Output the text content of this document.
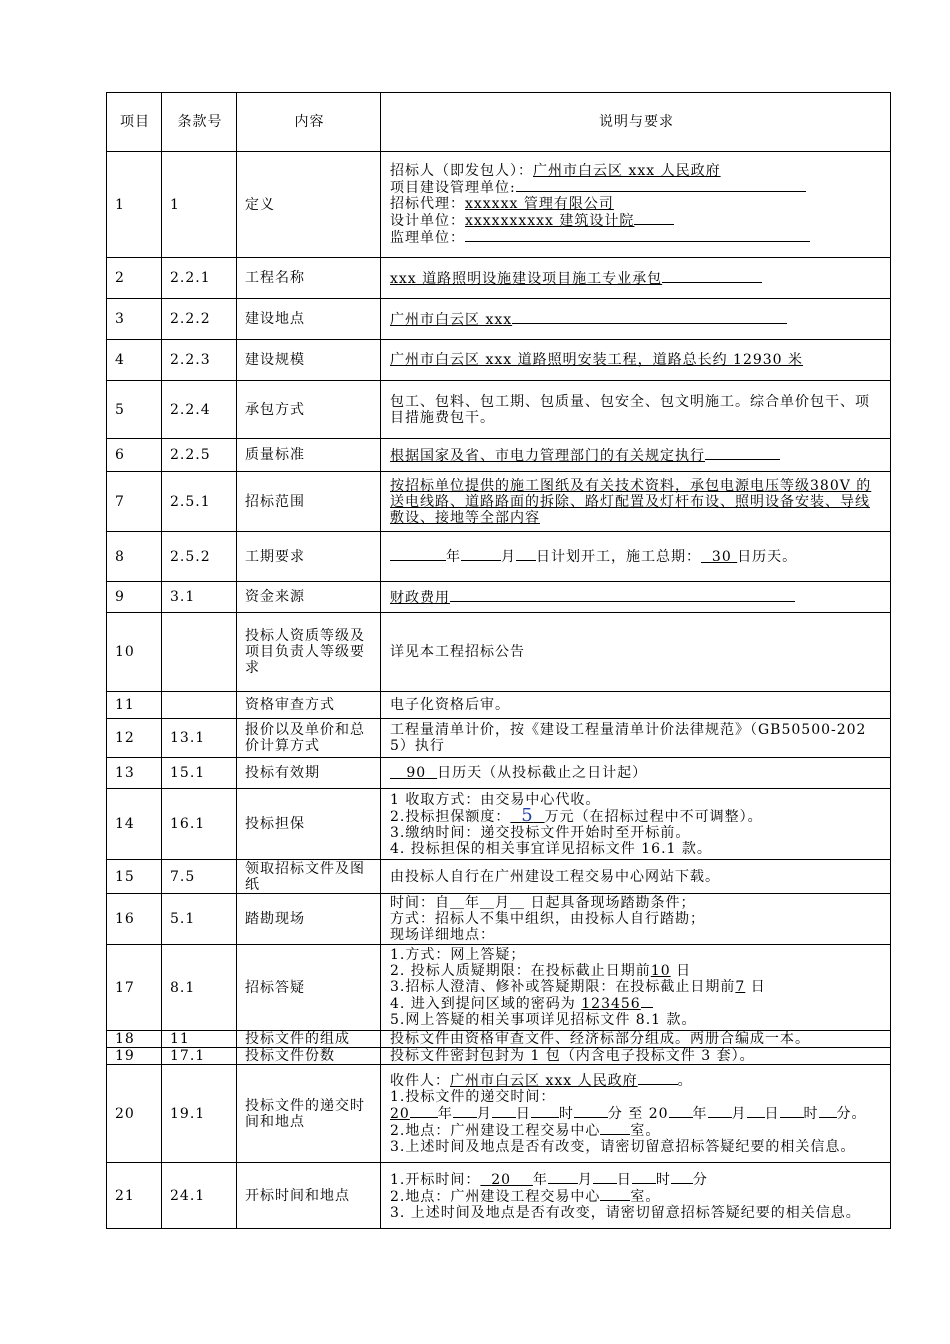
项目	条款号	内容	说明与要求
1	1	定义	招标人（即发包人）：广州市白云区 xxx 人民政府
项目建设管理单位:
招标代理：xxxxxx 管理有限公司
设计单位：xxxxxxxxxx 建筑设计院
监理单位：

2	2.2.1	工程名称	xxx 道路照明设施建设项目施工专业承包
3	2.2.2	建设地点	广州市白云区 xxx
4	2.2.3	建设规模	广州市白云区 xxx 道路照明安装工程，道路总长约 12930 米
5	2.2.4	承包方式	包工、包料、包工期、包质量、包安全、包文明施工。综合单价包干、项目措施费包干。
6	2.2.5	质量标准	根据国家及省、市电力管理部门的有关规定执行
7	2.5.1	招标范围	按招标单位提供的施工图纸及有关技术资料，承包电源电压等级380V 的送电线路、道路路面的拆除、路灯配置及灯杆布设、照明设备安装、导线敷设、接地等全部内容
8	2.5.2	工期要求	年 月 日计划开工，施工总期： 30 日历天。
9	3.1	资金来源	财政费用
10		投标人资质等级及项目负责人等级要求	详见本工程招标公告
11		资格审查方式	电子化资格后审。
12	13.1	报价以及单价和总价计算方式	工程量清单计价，按《建设工程量清单计价法律规范》（GB50500-2025）执行
13	15.1	投标有效期	90 日历天（从投标截止之日计起）
14	16.1	投标担保	1 收取方式：由交易中心代收。
2.投标担保额度： 5 万元（在招标过程中不可调整）。
3.缴纳时间：递交投标文件开始时至开标前。
4. 投标担保的相关事宜详见招标文件 16.1 款。

15	7.5	领取招标文件及图纸	由投标人自行在广州建设工程交易中心网站下载。
16	5.1	踏勘现场	时间：自＿年＿月＿ 日起具备现场踏勘条件；
方式：招标人不集中组织，由投标人自行踏勘；
现场详细地点：

17	8.1	招标答疑	1.方式：网上答疑；
2. 投标人质疑期限：在投标截止日期前10 日
3.招标人澄清、修补或答疑期限：在投标截止日期前7 日
4. 进入到提问区域的密码为 123456
5.网上答疑的相关事项详见招标文件 8.1 款。

18	11	投标文件的组成	投标文件由资格审查文件、经济标部分组成。两册合编成一本。
19	17.1	投标文件份数	投标文件密封包封为 1 包（内含电子投标文件 3 套）。
20	19.1	投标文件的递交时间和地点	收件人：广州市白云区 xxx 人民政府 。
1.投标文件的递交时间：
20 年 月 日 时 分 至 20 年 月 日 时 分。
2.地点：广州建设工程交易中心 室。
3.上述时间及地点是否有改变，请密切留意招标答疑纪要的相关信息。

21	24.1	开标时间和地点	1.开标时间： 20 年 月 日 时 分
2.地点：广州建设工程交易中心 室。
3. 上述时间及地点是否有改变，请密切留意招标答疑纪要的相关信息。
